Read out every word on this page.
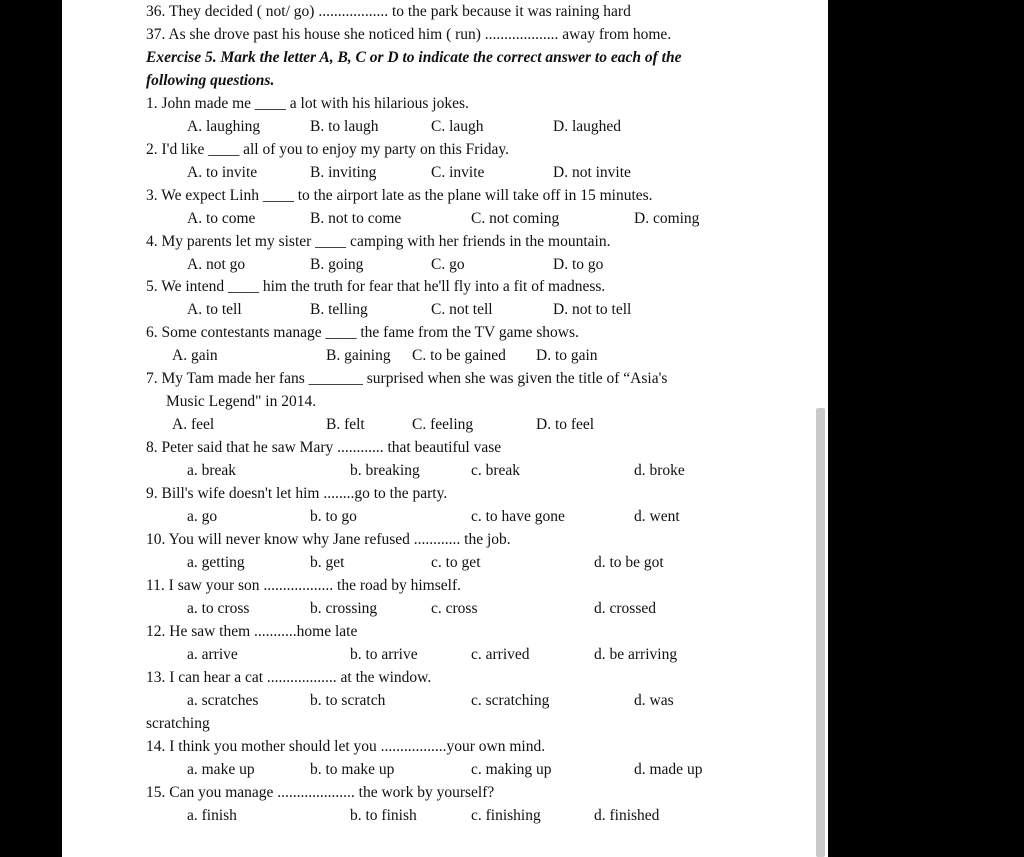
36. They decided ( not/ go) .................. to the park because it was raining hard
37. As she drove past his house she noticed him ( run) ................... away from home.
Exercise 5. Mark the letter A, B, C or D to indicate the correct answer to each of the
following questions.
1. John made me ____ a lot with his hilarious jokes.
A. laughing	B. to laugh	C. laugh	D. laughed
2. I'd like ____ all of you to enjoy my party on this Friday.
A. to invite	B. inviting	C. invite	D. not invite
3. We expect Linh ____ to the airport late as the plane will take off in 15 minutes.
A. to come	B. not to come	C. not coming	D. coming
4. My parents let my sister ____ camping with her friends in the mountain.
A. not go	B. going	C. go	D. to go
5. We intend ____ him the truth for fear that he'll fly into a fit of madness.
A. to tell	B. telling	C. not tell	D. not to tell
6. Some contestants manage ____ the fame from the TV game shows.
A. gain	B. gaining C. to be gained D. to gain
7. My Tam made her fans _______ surprised when she was given the title of “Asia's
Music Legend" in 2014.
A. feel	B. felt	C. feeling	D. to feel
8. Peter said that he saw Mary ............ that beautiful vase
a. break	b. breaking	c. break	d. broke
9. Bill's wife doesn't let him ........go to the party.
a. go	b. to go	c. to have gone	d. went
10. You will never know why Jane refused ............ the job.
a. getting	b. get	c. to get	d. to be got
11. I saw your son .................. the road by himself.
a. to cross	b. crossing	c. cross	d. crossed
12. He saw them ...........home late
a. arrive	b. to arrive	c. arrived	d. be arriving
13. I can hear a cat .................. at the window.
a. scratches	b. to scratch	c. scratching	d. was
scratching
14. I think you mother should let you .................your own mind.
a. make up	b. to make up	c. making up	d. made up
15. Can you manage .................... the work by yourself?
a. finish	b. to finish	c. finishing	d. finished
